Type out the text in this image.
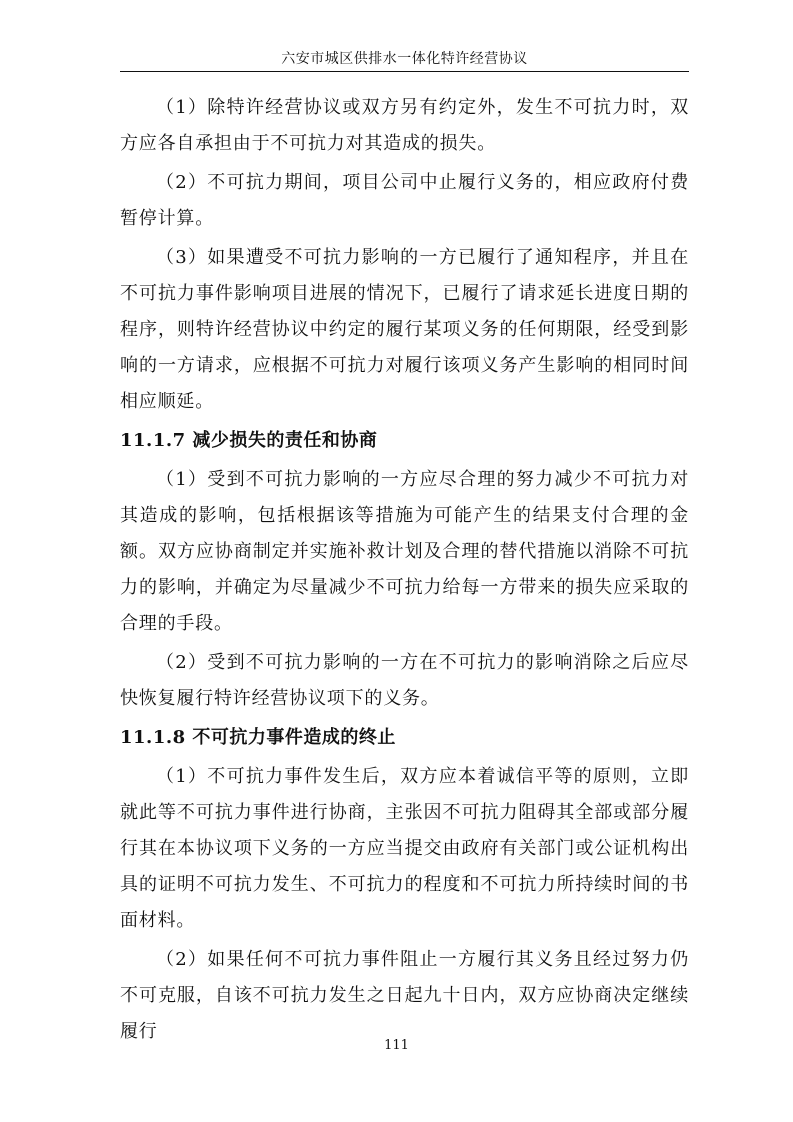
六安市城区供排水一体化特许经营协议

（1）除特许经营协议或双方另有约定外，发生不可抗力时，双方应各自承担由于不可抗力对其造成的损失。

（2）不可抗力期间，项目公司中止履行义务的，相应政府付费暂停计算。

（3）如果遭受不可抗力影响的一方已履行了通知程序，并且在不可抗力事件影响项目进展的情况下，已履行了请求延长进度日期的程序，则特许经营协议中约定的履行某项义务的任何期限，经受到影响的一方请求，应根据不可抗力对履行该项义务产生影响的相同时间相应顺延。

11.1.7 减少损失的责任和协商

（1）受到不可抗力影响的一方应尽合理的努力减少不可抗力对其造成的影响，包括根据该等措施为可能产生的结果支付合理的金额。双方应协商制定并实施补救计划及合理的替代措施以消除不可抗力的影响，并确定为尽量减少不可抗力给每一方带来的损失应采取的合理的手段。

（2）受到不可抗力影响的一方在不可抗力的影响消除之后应尽快恢复履行特许经营协议项下的义务。

11.1.8 不可抗力事件造成的终止

（1）不可抗力事件发生后，双方应本着诚信平等的原则，立即就此等不可抗力事件进行协商，主张因不可抗力阻碍其全部或部分履行其在本协议项下义务的一方应当提交由政府有关部门或公证机构出具的证明不可抗力发生、不可抗力的程度和不可抗力所持续时间的书面材料。

（2）如果任何不可抗力事件阻止一方履行其义务且经过努力仍不可克服，自该不可抗力发生之日起九十日内，双方应协商决定继续履行

111
